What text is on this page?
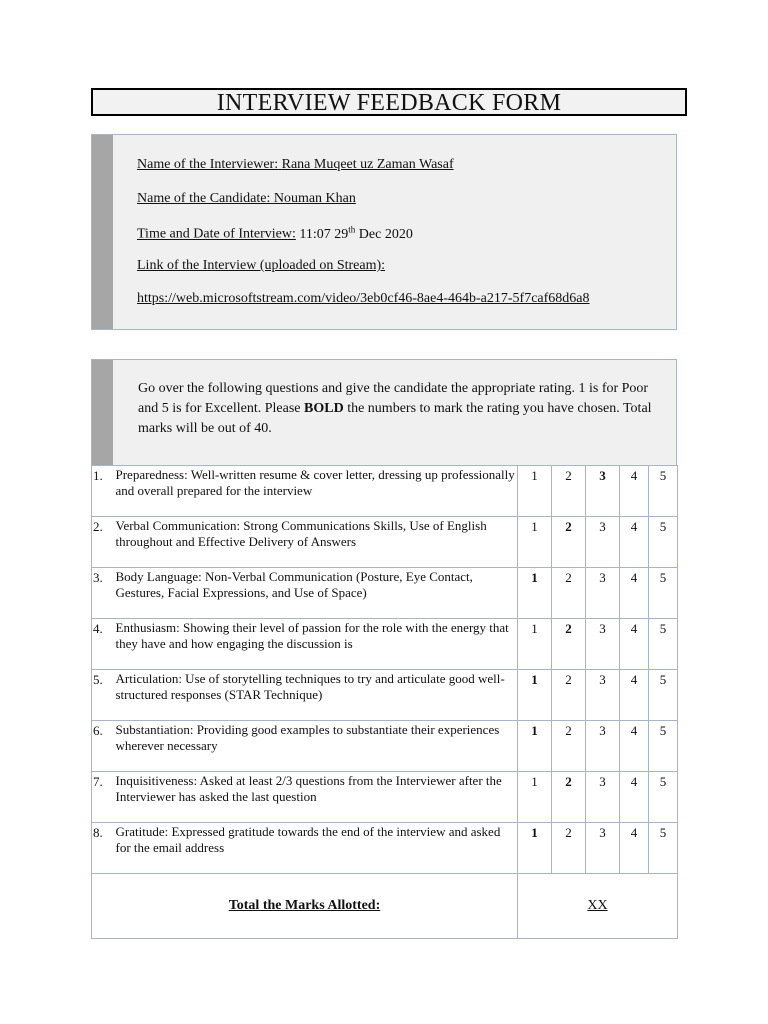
INTERVIEW FEEDBACK FORM
Name of the Interviewer: Rana Muqeet uz Zaman Wasaf
Name of the Candidate: Nouman Khan
Time and Date of Interview: 11:07 29th Dec 2020
Link of the Interview (uploaded on Stream):
https://web.microsoftstream.com/video/3eb0cf46-8ae4-464b-a217-5f7caf68d6a8
Go over the following questions and give the candidate the appropriate rating. 1 is for Poor and 5 is for Excellent. Please BOLD the numbers to mark the rating you have chosen. Total marks will be out of 40.
1.	Preparedness: Well-written resume & cover letter, dressing up professionally and overall prepared for the interview	1	2	3	4	5
2.	Verbal Communication: Strong Communications Skills, Use of English throughout and Effective Delivery of Answers	1	2	3	4	5
3.	Body Language: Non-Verbal Communication (Posture, Eye Contact, Gestures, Facial Expressions, and Use of Space)	1	2	3	4	5
4.	Enthusiasm: Showing their level of passion for the role with the energy that they have and how engaging the discussion is	1	2	3	4	5
5.	Articulation: Use of storytelling techniques to try and articulate good well-structured responses (STAR Technique)	1	2	3	4	5
6.	Substantiation: Providing good examples to substantiate their experiences wherever necessary	1	2	3	4	5
7.	Inquisitiveness: Asked at least 2/3 questions from the Interviewer after the Interviewer has asked the last question	1	2	3	4	5
8.	Gratitude: Expressed gratitude towards the end of the interview and asked for the email address	1	2	3	4	5
Total the Marks Allotted:		XX				
